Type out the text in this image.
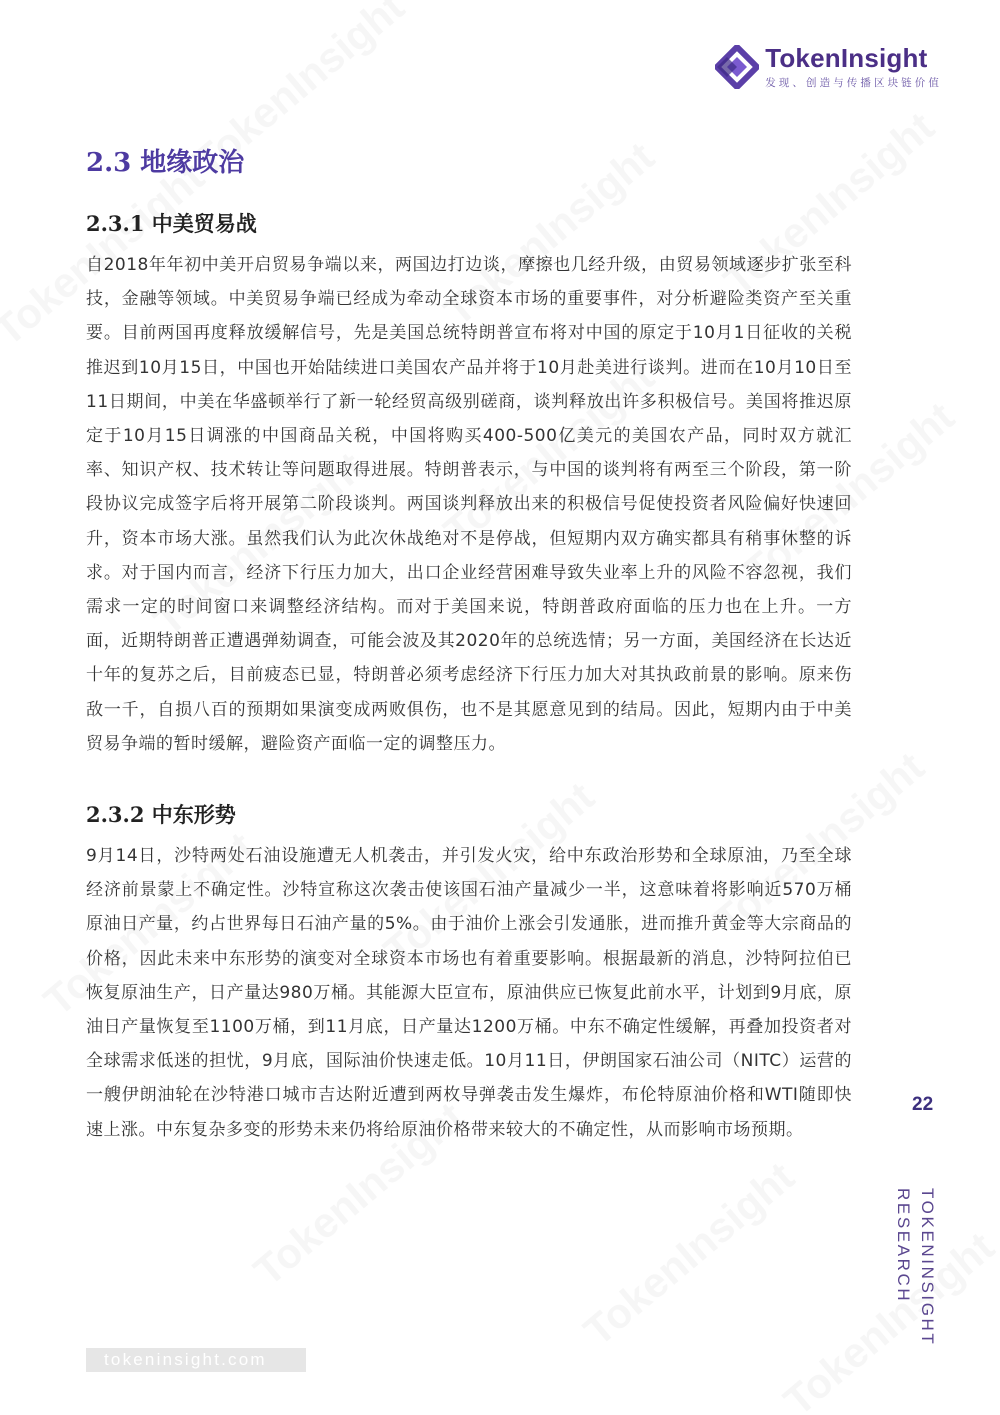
TokenInsight
发现、创造与传播区块链价值
2.3 地缘政治
2.3.1 中美贸易战

自2018年年初中美开启贸易争端以来，两国边打边谈，摩擦也几经升级，由贸易领域逐步扩张至科技，金融等领域。中美贸易争端已经成为牵动全球资本市场的重要事件，对分析避险类资产至关重要。目前两国再度释放缓解信号，先是美国总统特朗普宣布将对中国的原定于10月1日征收的关税推迟到10月15日，中国也开始陆续进口美国农产品并将于10月赴美进行谈判。进而在10月10日至11日期间，中美在华盛顿举行了新一轮经贸高级别磋商，谈判释放出许多积极信号。美国将推迟原定于10月15日调涨的中国商品关税，中国将购买400-500亿美元的美国农产品，同时双方就汇率、知识产权、技术转让等问题取得进展。特朗普表示，与中国的谈判将有两至三个阶段，第一阶段协议完成签字后将开展第二阶段谈判。两国谈判释放出来的积极信号促使投资者风险偏好快速回升，资本市场大涨。虽然我们认为此次休战绝对不是停战，但短期内双方确实都具有稍事休整的诉求。对于国内而言，经济下行压力加大，出口企业经营困难导致失业率上升的风险不容忽视，我们需求一定的时间窗口来调整经济结构。而对于美国来说，特朗普政府面临的压力也在上升。一方面，近期特朗普正遭遇弹劾调查，可能会波及其2020年的总统选情；另一方面，美国经济在长达近十年的复苏之后，目前疲态已显，特朗普必须考虑经济下行压力加大对其执政前景的影响。原来伤敌一千，自损八百的预期如果演变成两败俱伤，也不是其愿意见到的结局。因此，短期内由于中美贸易争端的暂时缓解，避险资产面临一定的调整压力。

2.3.2 中东形势

9月14日，沙特两处石油设施遭无人机袭击，并引发火灾，给中东政治形势和全球原油，乃至全球经济前景蒙上不确定性。沙特宣称这次袭击使该国石油产量减少一半，这意味着将影响近570万桶原油日产量，约占世界每日石油产量的5%。由于油价上涨会引发通胀，进而推升黄金等大宗商品的价格，因此未来中东形势的演变对全球资本市场也有着重要影响。根据最新的消息，沙特阿拉伯已恢复原油生产，日产量达980万桶。其能源大臣宣布，原油供应已恢复此前水平，计划到9月底，原油日产量恢复至1100万桶，到11月底，日产量达1200万桶。中东不确定性缓解，再叠加投资者对全球需求低迷的担忧，9月底，国际油价快速走低。10月11日，伊朗国家石油公司（NITC）运营的一艘伊朗油轮在沙特港口城市吉达附近遭到两枚导弹袭击发生爆炸，布伦特原油价格和WTI随即快速上涨。中东复杂多变的形势未来仍将给原油价格带来较大的不确定性，从而影响市场预期。

22
TOKENINSIGHT
RESEARCH
tokeninsight.com
